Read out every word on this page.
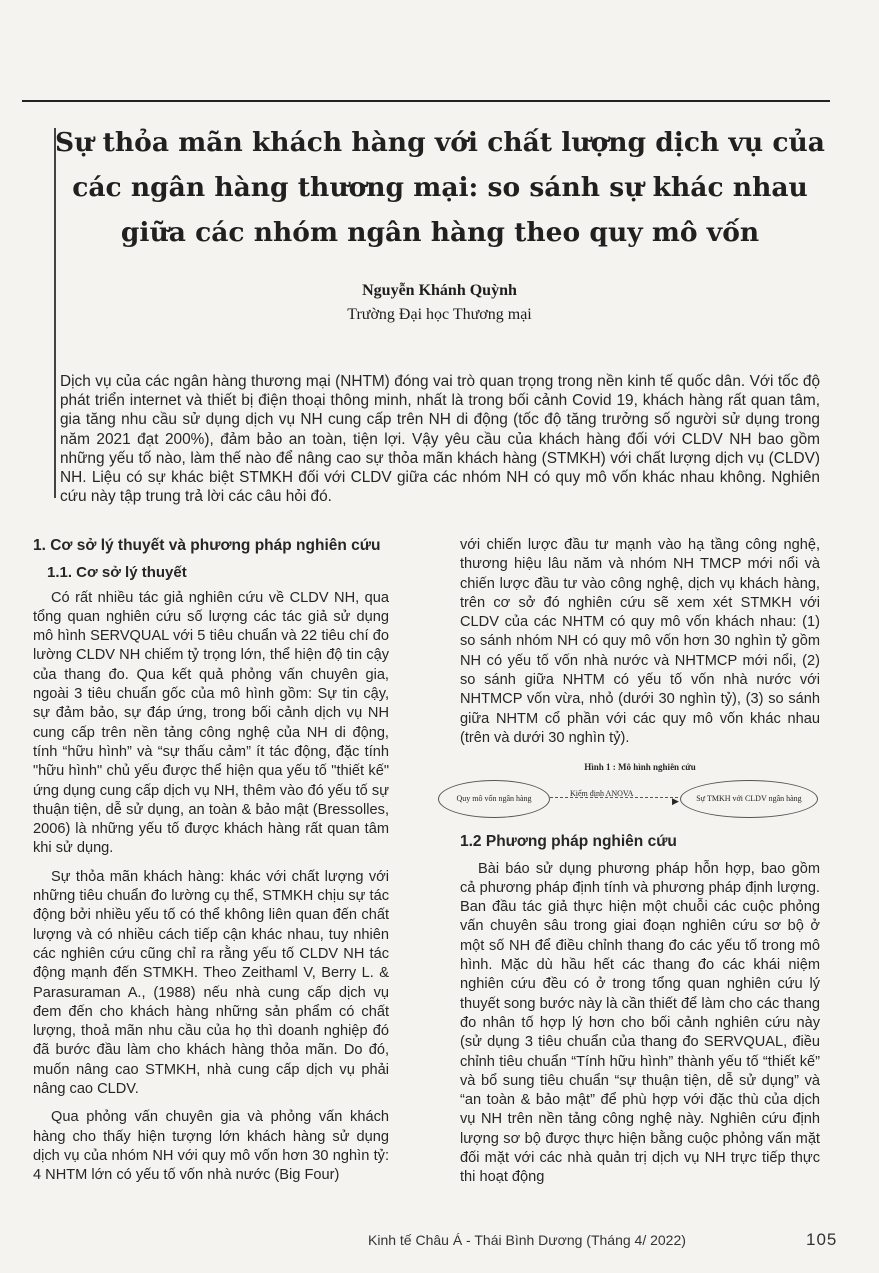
Sự thỏa mãn khách hàng với chất lượng dịch vụ của
các ngân hàng thương mại: so sánh sự khác nhau
giữa các nhóm ngân hàng theo quy mô vốn
Nguyễn Khánh Quỳnh
Trường Đại học Thương mại

Dịch vụ của các ngân hàng thương mại (NHTM) đóng vai trò quan trọng trong nền kinh tế quốc dân. Với tốc độ phát triển internet và thiết bị điện thoại thông minh, nhất là trong bối cảnh Covid 19, khách hàng rất quan tâm, gia tăng nhu cầu sử dụng dịch vụ NH cung cấp trên NH di động (tốc độ tăng trưởng số người sử dụng trong năm 2021 đạt 200%), đảm bảo an toàn, tiện lợi. Vậy yêu cầu của khách hàng đối với CLDV NH bao gồm những yếu tố nào, làm thế nào để nâng cao sự thỏa mãn khách hàng (STMKH) với chất lượng dịch vụ (CLDV) NH. Liệu có sự khác biệt STMKH đối với CLDV giữa các nhóm NH có quy mô vốn khác nhau không. Nghiên cứu này tập trung trả lời các câu hỏi đó.

1. Cơ sở lý thuyết và phương pháp nghiên cứu
1.1. Cơ sở lý thuyết

Có rất nhiều tác giả nghiên cứu về CLDV NH, qua tổng quan nghiên cứu số lượng các tác giả sử dụng mô hình SERVQUAL với 5 tiêu chuẩn và 22 tiêu chí đo lường CLDV NH chiếm tỷ trọng lớn, thể hiện độ tin cậy của thang đo. Qua kết quả phỏng vấn chuyên gia, ngoài 3 tiêu chuẩn gốc của mô hình gồm: Sự tin cậy, sự đảm bảo, sự đáp ứng, trong bối cảnh dịch vụ NH cung cấp trên nền tảng công nghệ của NH di động, tính “hữu hình” và “sự thấu cảm” ít tác động, đặc tính "hữu hình" chủ yếu được thể hiện qua yếu tố "thiết kế" ứng dụng cung cấp dịch vụ NH, thêm vào đó yếu tố sự thuận tiện, dễ sử dụng, an toàn & bảo mật (Bressolles, 2006) là những yếu tố được khách hàng rất quan tâm khi sử dụng.

Sự thỏa mãn khách hàng: khác với chất lượng với những tiêu chuẩn đo lường cụ thể, STMKH chịu sự tác động bởi nhiều yếu tố có thể không liên quan đến chất lượng và có nhiều cách tiếp cận khác nhau, tuy nhiên các nghiên cứu cũng chỉ ra rằng yếu tố CLDV NH tác động mạnh đến STMKH. Theo Zeithaml V, Berry L. & Parasuraman A., (1988) nếu nhà cung cấp dịch vụ đem đến cho khách hàng những sản phẩm có chất lượng, thoả mãn nhu cầu của họ thì doanh nghiệp đó đã bước đầu làm cho khách hàng thỏa mãn. Do đó, muốn nâng cao STMKH, nhà cung cấp dịch vụ phải nâng cao CLDV.

Qua phỏng vấn chuyên gia và phỏng vấn khách hàng cho thấy hiện tượng lớn khách hàng sử dụng dịch vụ của nhóm NH với quy mô vốn hơn 30 nghìn tỷ: 4 NHTM lớn có yếu tố vốn nhà nước (Big Four)

với chiến lược đầu tư mạnh vào hạ tầng công nghệ, thương hiệu lâu năm và nhóm NH TMCP mới nổi và chiến lược đầu tư vào công nghệ, dịch vụ khách hàng, trên cơ sở đó nghiên cứu sẽ xem xét STMKH với CLDV của các NHTM có quy mô vốn khách nhau: (1) so sánh nhóm NH có quy mô vốn hơn 30 nghìn tỷ gồm NH có yếu tố vốn nhà nước và NHTMCP mới nổi, (2) so sánh giữa NHTM có yếu tố vốn nhà nước với NHTMCP vốn vừa, nhỏ (dưới 30 nghìn tỷ), (3) so sánh giữa NHTM cổ phần với các quy mô vốn khác nhau (trên và dưới 30 nghìn tỷ).

Hình 1 : Mô hình nghiên cứu
Quy mô vốn ngân hàng
Kiểm định ANOVA
▶	Sự TMKH với CLDV ngân hàng
1.2 Phương pháp nghiên cứu

Bài báo sử dụng phương pháp hỗn hợp, bao gồm cả phương pháp định tính và phương pháp định lượng. Ban đầu tác giả thực hiện một chuỗi các cuộc phỏng vấn chuyên sâu trong giai đoạn nghiên cứu sơ bộ ở một số NH để điều chỉnh thang đo các yếu tố trong mô hình. Mặc dù hầu hết các thang đo các khái niệm nghiên cứu đều có ở trong tổng quan nghiên cứu lý thuyết song bước này là cần thiết để làm cho các thang đo nhân tố hợp lý hơn cho bối cảnh nghiên cứu này (sử dụng 3 tiêu chuẩn của thang đo SERVQUAL, điều chỉnh tiêu chuẩn “Tính hữu hình” thành yếu tố “thiết kế” và bổ sung tiêu chuẩn “sự thuận tiện, dễ sử dụng” và “an toàn & bảo mật” để phù hợp với đặc thù của dịch vụ NH trên nền tảng công nghệ này. Nghiên cứu định lượng sơ bộ được thực hiện bằng cuộc phỏng vấn mặt đối mặt với các nhà quản trị dịch vụ NH trực tiếp thực thi hoạt động

Kinh tế Châu Á - Thái Bình Dương (Tháng 4/ 2022)	105
